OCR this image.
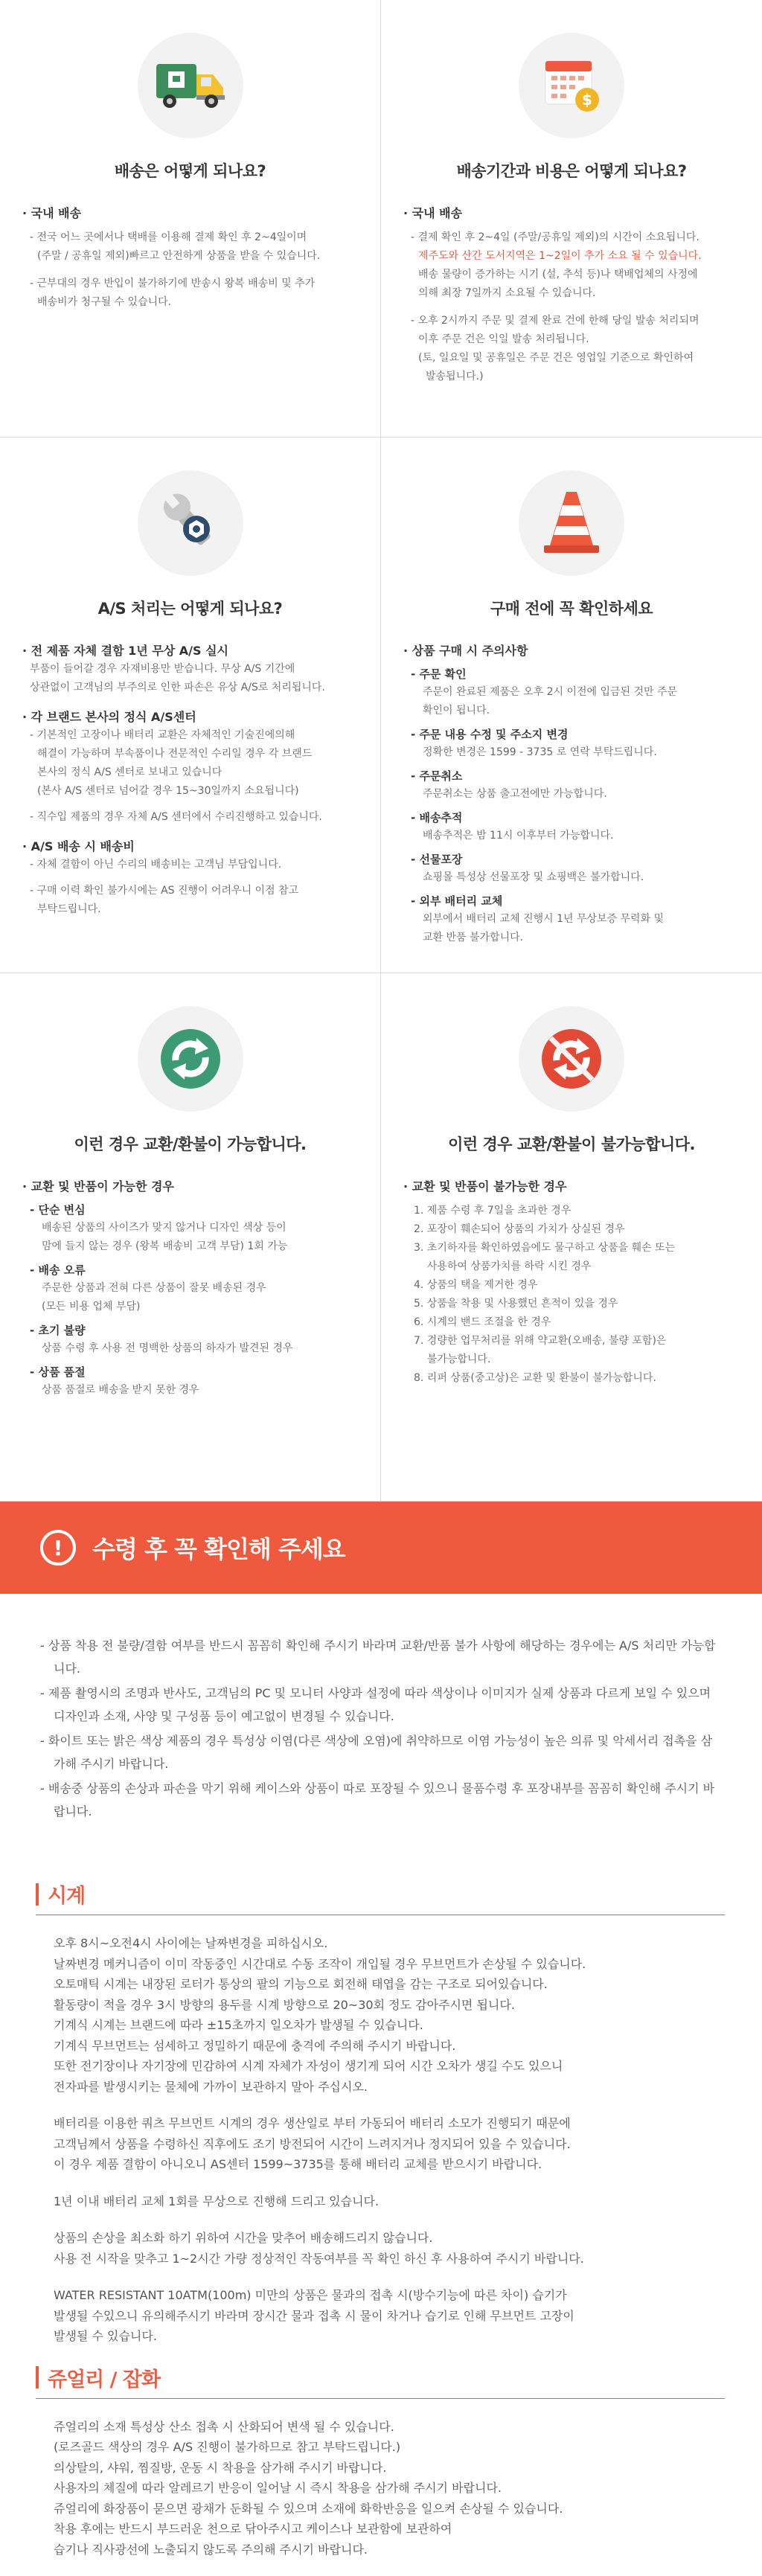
배송은 어떻게 되나요?
· 국내 배송
- 전국 어느 곳에서나 택배를 이용해 결제 확인 후 2~4일이며
(주말 / 공휴일 제외)빠르고 안전하게 상품을 받을 수 있습니다.
- 근부대의 경우 반입이 불가하기에 반송시 왕복 배송비 및 추가
배송비가 청구될 수 있습니다.
$
배송기간과 비용은 어떻게 되나요?
· 국내 배송
- 결제 확인 후 2~4일 (주말/공휴일 제외)의 시간이 소요됩니다.
제주도와 산간 도서지역은 1~2일이 추가 소요 될 수 있습니다.
배송 물량이 증가하는 시기 (설, 추석 등)나 택배업체의 사정에
의해 최장 7일까지 소요될 수 있습니다.
- 오후 2시까지 주문 및 결제 완료 건에 한해 당일 발송 처리되며
이후 주문 건은 익일 발송 처리됩니다.
(토, 일요일 및 공휴일은 주문 건은 영업일 기준으로 확인하여
발송됩니다.)
A/S 처리는 어떻게 되나요?
· 전 제품 자체 결함 1년 무상 A/S 실시
부품이 들어갈 경우 자재비용만 받습니다. 무상 A/S 기간에
상관없이 고객님의 부주의로 인한 파손은 유상 A/S로 처리됩니다.
· 각 브랜드 본사의 정식 A/S센터
- 기본적인 고장이나 배터리 교환은 자체적인 기술진에의해
해결이 가능하며 부속품이나 전문적인 수리일 경우 각 브랜드
본사의 정식 A/S 센터로 보내고 있습니다
(본사 A/S 센터로 넘어갈 경우 15~30일까지 소요됩니다)
- 직수입 제품의 경우 자체 A/S 센터에서 수리진행하고 있습니다.
· A/S 배송 시 배송비
- 자체 결함이 아닌 수리의 배송비는 고객님 부담입니다.
- 구매 이력 확인 불가시에는 AS 진행이 어려우니 이점 참고
부탁드립니다.
구매 전에 꼭 확인하세요
· 상품 구매 시 주의사항
- 주문 확인
주문이 완료된 제품은 오후 2시 이전에 입금된 것만 주문
확인이 됩니다.
- 주문 내용 수정 및 주소지 변경
정확한 변경은 1599 - 3735 로 연락 부탁드립니다.
- 주문취소
주문취소는 상품 출고전에만 가능합니다.
- 배송추적
배송추적은 밤 11시 이후부터 가능합니다.
- 선물포장
쇼핑몰 특성상 선물포장 및 쇼핑백은 불가합니다.
- 외부 배터리 교체
외부에서 배터리 교체 진행시 1년 무상보증 무력화 및
교환 반품 불가합니다.
이런 경우 교환/환불이 가능합니다.
· 교환 및 반품이 가능한 경우
- 단순 변심
배송된 상품의 사이즈가 맞지 않거나 디자인 색상 등이
맘에 들지 않는 경우 (왕복 배송비 고객 부담) 1회 가능
- 배송 오류
주문한 상품과 전혀 다른 상품이 잘못 배송된 경우
(모든 비용 업체 부담)
- 초기 불량
상품 수령 후 사용 전 명백한 상품의 하자가 발견된 경우
- 상품 품절
상품 품절로 배송을 받지 못한 경우
이런 경우 교환/환불이 불가능합니다.
· 교환 및 반품이 불가능한 경우
1. 제품 수령 후 7일을 초과한 경우
2. 포장이 훼손되어 상품의 가치가 상실된 경우
3. 초기하자를 확인하였음에도 물구하고 상품을 훼손 또는
사용하여 상품가치를 하락 시킨 경우
4. 상품의 택을 제거한 경우
5. 상품을 착용 및 사용했던 흔적이 있을 경우
6. 시계의 밴드 조절을 한 경우
7. 경량한 업무처리를 위해 약교환(오배송, 불량 포함)은
불가능합니다.
8. 리퍼 상품(중고상)은 교환 및 환불이 불가능합니다.
!	수령 후 꼭 확인해 주세요

- 상품 착용 전 불량/결함 여부를 반드시 꼼꼼히 확인해 주시기 바라며 교환/반품 불가 사항에 해당하는 경우에는 A/S 처리만 가능합니다.

- 제품 촬영시의 조명과 반사도, 고객님의 PC 및 모니터 사양과 설정에 따라 색상이나 이미지가 실제 상품과 다르게 보일 수 있으며 디자인과 소재, 사양 및 구성품 등이 예고없이 변경될 수 있습니다.

- 화이트 또는 밝은 색상 제품의 경우 특성상 이염(다른 색상에 오염)에 취약하므로 이염 가능성이 높은 의류 및 악세서리 접촉을 삼가해 주시기 바랍니다.

- 배송중 상품의 손상과 파손을 막기 위해 케이스와 상품이 따로 포장될 수 있으니 물품수령 후 포장내부를 꼼꼼히 확인해 주시기 바랍니다.

시계
오후 8시~오전4시 사이에는 날짜변경을 피하십시오.
날짜변경 메커니즘이 이미 작동중인 시간대로 수동 조작이 개입될 경우 무브먼트가 손상될 수 있습니다.
오토매틱 시계는 내장된 로터가 통상의 팔의 기능으로 회전해 태엽을 감는 구조로 되어있습니다.
활동량이 적을 경우 3시 방향의 용두를 시계 방향으로 20~30회 정도 감아주시면 됩니다.
기계식 시계는 브랜드에 따라 ±15초까지 일오차가 발생될 수 있습니다.
기계식 무브먼트는 섬세하고 정밀하기 때문에 충격에 주의해 주시기 바랍니다.
또한 전기장이나 자기장에 민감하여 시계 자체가 자성이 생기게 되어 시간 오차가 생길 수도 있으니
전자파를 발생시키는 물체에 가까이 보관하지 말아 주십시오.
배터리를 이용한 쿼츠 무브먼트 시계의 경우 생산일로 부터 가동되어 배터리 소모가 진행되기 때문에
고객님께서 상품을 수령하신 직후에도 조기 방전되어 시간이 느려지거나 정지되어 있을 수 있습니다.
이 경우 제품 결함이 아니오니 AS센터 1599~3735를 통해 배터리 교체를 받으시기 바랍니다.
1년 이내 배터리 교체 1회를 무상으로 진행해 드리고 있습니다.
상품의 손상을 최소화 하기 위하여 시간을 맞추어 배송해드리지 않습니다.
사용 전 시작을 맞추고 1~2시간 가량 정상적인 작동여부를 꼭 확인 하신 후 사용하여 주시기 바랍니다.
WATER RESISTANT 10ATM(100m) 미만의 상품은 물과의 접촉 시(방수기능에 따른 차이) 습기가
발생될 수있으니 유의해주시기 바라며 장시간 물과 접촉 시 물이 차거나 습기로 인해 무브먼트 고장이
발생될 수 있습니다.
쥬얼리 / 잡화
쥬얼리의 소재 특성상 산소 접촉 시 산화되어 변색 될 수 있습니다.
(로즈골드 색상의 경우 A/S 진행이 불가하므로 참고 부탁드립니다.)
의상탈의, 샤워, 찜질방, 운동 시 착용을 삼가해 주시기 바랍니다.
사용자의 체질에 따라 알레르기 반응이 일어날 시 즉시 착용을 삼가해 주시기 바랍니다.
쥬얼리에 화장품이 묻으면 광채가 둔화될 수 있으며 소재에 화학반응을 일으켜 손상될 수 있습니다.
착용 후에는 반드시 부드러운 천으로 닦아주시고 케이스나 보관함에 보관하여
습기나 직사광선에 노출되지 않도록 주의해 주시기 바랍니다.
